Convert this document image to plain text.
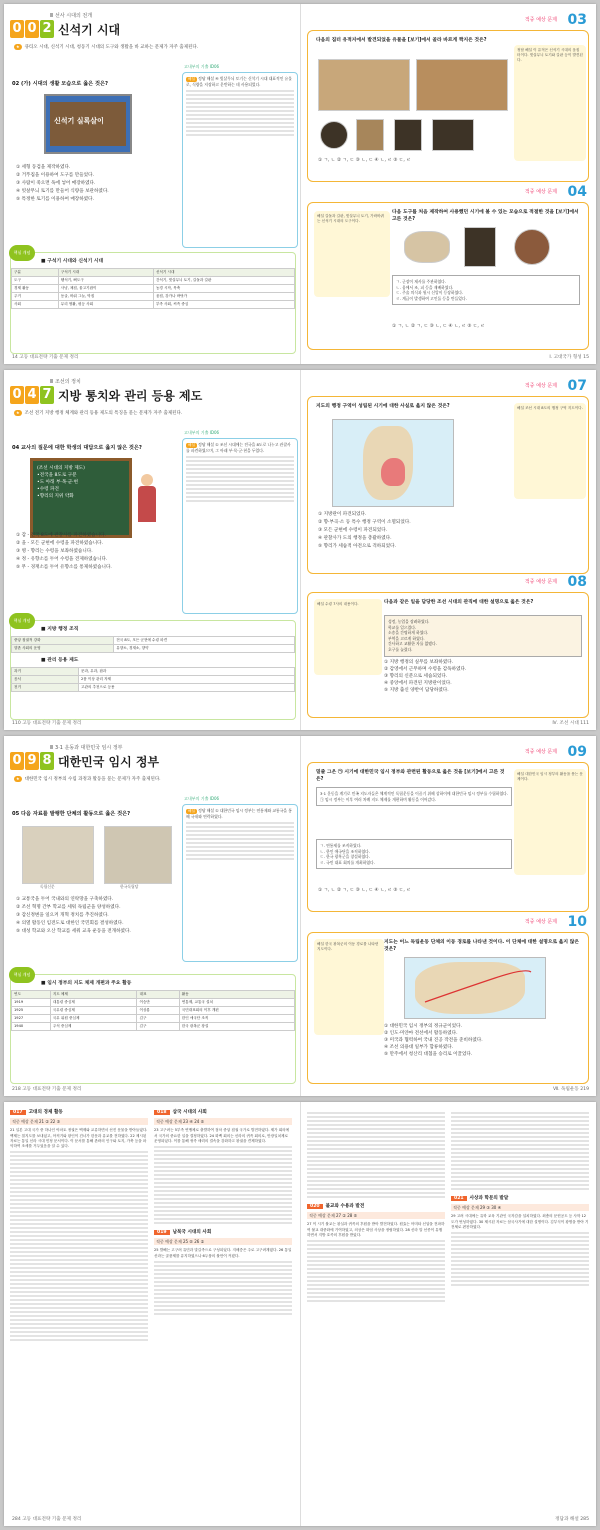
Ⅲ 선사 시대의 전개
0 0 2 신석기 시대
★ 큐티오 시대, 신석기 시대, 청동기 시대의 도구와 생활을 바 교하는 문제가 자주 출제된다.
고내부의 기출 ID06
02 (가) 시대의 생활 모습으로 옳은 것은?
신석기 실록살이
① 세형 동검을 제작하였다.
② 거푸집을 이용하여 도구를 만들었다.
③ 사람이 죽으면 독에 넣어 매장하였다.
④ 빗살무늬 토기를 만들어 식량을 보관하였다.
⑤ 특정한 토기를 이용하여 매장하였다.
해설 정답 해설 ④ 빗살무늬 토기는 신석기 시대 대표적인 유물로, 식량을 저장하고 운반하는 데 사용되었다.
핵심 개념
■ 구석기 시대와 신석기 시대
구분	구석기 시대	신석기 시대
도구	뗀석기, 뼈도구	간석기, 빗살무늬 토기, 갈돌과 갈판
경제 활동	사냥, 채집, 물고기잡이	농경 시작, 목축
주거	동굴, 바위 그늘, 막집	움집, 강가나 바닷가
사회	무리 생활, 평등 사회	부족 사회, 씨족 중심
14 고등 대표전략 기출 문제 정리
적중 예상 문제 03
다음의 집터 유적지에서 발견되었을 유물을 [보기]에서 골라 바르게 짝지은 것은?
① ㄱ, ㄴ ② ㄱ, ㄷ ③ ㄴ, ㄷ ④ ㄴ, ㄹ ⑤ ㄷ, ㄹ
정답 해설 이 유적은 신석기 시대의 움집 터이다. 빗살무늬 토기와 갈판 등이 발견된다.
적중 예상 문제 04
해설 갈돌과 갈판, 빗살무늬 토기, 가락바퀴는 신석기 시대의 도구이다.
다음 도구를 처음 제작하여 사용했던 시기에 볼 수 있는 모습으로 적절한 것을 [보기]에서 고른 것은?
ㄱ. 군장이 제사를 주관하였다.
ㄴ. 움에서 조, 피 등을 재배하였다.
ㄷ. 주술 의식과 원시 신앙이 등장하였다.
ㄹ. 계급이 발생하여 고인돌 등을 만들었다.
① ㄱ, ㄴ ② ㄱ, ㄷ ③ ㄴ, ㄷ ④ ㄴ, ㄹ ⑤ ㄷ, ㄹ
Ⅰ. 고대국가 형성 15
Ⅲ 조선의 정치
0 4 7 지방 통치와 관리 등용 제도
★ 조선 전기 지방 행정 체계와 관리 등용 제도의 특징을 묻는 문제가 자주 출제된다.
고내부의 기출 ID06
04 교사의 질문에 대한 학생의 대답으로 옳지 않은 것은?
(조선 시대의 지방 제도)
•전국을 8도로 구분
•도 아래 부·목·군·현
•수령 파견
•향리의 지위 약화
① 갑 - 전국 8도에 관찰사를 파견하였습니다.
② 을 - 모든 군현에 수령을 파견하였습니다.
③ 병 - 향리는 수령을 보좌하였습니다.
④ 정 - 유향소를 두어 수령을 견제하였습니다.
⑤ 무 - 경재소를 두어 유향소를 통제하였습니다.
해설 정답 해설 ① 조선 시대에는 전국을 8도로 나누고 관찰사를 파견하였으며, 그 아래 부·목·군·현을 두었다.
핵심 개념
■ 지방 행정 조직
중앙 집권적 강화	전국 8도, 모든 군현에 수령 파견
향촌 사회의 운영	유향소, 경재소, 향약
■ 관리 등용 제도
과거	문과, 무과, 잡과
음서	2품 이상 관리 자제
천거	고관의 추천으로 등용
110 고등 대표전략 기출 문제 정리
적중 예상 문제 07
지도의 행정 구역이 성립된 시기에 대한 사실로 옳지 않은 것은?	해설 조선 시대 8도의 행정 구역 지도이다.
① 지방관이 파견되었다.
② 향·부곡·소 등 특수 행정 구역이 소멸되었다.
③ 모든 군현에 수령이 파견되었다.
④ 관찰사가 도의 행정을 총괄하였다.
⑤ 향리가 세습적 아전으로 격하되었다.
적중 예상 문제 08
해설 수령 7사의 내용이다.	다음과 같은 일을 담당한 조선 시대의 관직에 대한 설명으로 옳은 것은?
성정, 농업을 장려하였다.
학교를 일으켰다.
소송을 간명하게 하였다.
부역을 고르게 하였다.
간사하고 교활한 자를 없앴다.
호구를 늘렸다.
① 지방 행정의 실무를 보좌하였다.
② 감영에서 근무하며 수령을 감독하였다.
③ 향리의 신분으로 세습되었다.
④ 중앙에서 파견된 지방관이었다.
⑤ 지방 출신 양반이 담당하였다.
Ⅳ. 조선 시대 111
Ⅲ 3·1 운동과 대한민국 임시 정부
0 9 8 대한민국 임시 정부
★ 대한민국 임시 정부의 수립 과정과 활동을 묻는 문제가 자주 출제된다.
고내부의 기출 ID06
05 다음 자료를 발행한 단체의 활동으로 옳은 것은?
독립신문	한국독립당
① 교통국을 두어 국내와의 연락망을 구축하였다.
② 조선 혁명 간부 학교를 세워 독립군을 양성하였다.
③ 갑신정변을 일으켜 개혁 정치를 추진하였다.
④ 의열 활동인 임전도로 대한인 국민회를 결성하였다.
⑤ 대성 학교와 오산 학교를 세워 교육 운동을 전개하였다.
해설 정답 해설 ① 대한민국 임시 정부는 연통제와 교통국을 통해 국내와 연락하였다.
핵심 개념
■ 임시 정부의 지도 체제 개편과 주요 활동
연도	지도 체제	대표	활동
1919	대통령 중심제	이승만	연통제, 교통국 설치
1925	국무령 중심제	이상룡	국민대표회의 이후 개편
1927	국무 위원 중심제	김구	한인 애국단 조직
1940	주석 중심제	김구	한국 광복군 창설
218 고등 대표전략 기출 문제 정리
적중 예상 문제 09
밑줄 그은 ㉠ 시기에 대한민국 임시 정부와 관련된 활동으로 옳은 것을 [보기]에서 고른 것은?
3·1 운동을 계기로 민족 지도자들은 체계적인 독립운동을 이끌기 위해 상하이에 대한민국 임시 정부를 수립하였다. ㉠ 임시 정부는 이후 여러 차례 지도 체제를 개편하며 활동을 이어갔다.
ㄱ. 연통제를 조직하였다.
ㄴ. 한인 애국단을 조직하였다.
ㄷ. 한국 광복군을 창설하였다.
ㄹ. 국민 대표 회의를 개최하였다.
① ㄱ, ㄴ ② ㄱ, ㄷ ③ ㄴ, ㄷ ④ ㄴ, ㄹ ⑤ ㄷ, ㄹ
해설 대한민국 임시 정부의 활동을 묻는 문제이다.
적중 예상 문제 10
해설 한국 광복군의 이동 경로를 나타낸 지도이다.
지도는 어느 독립운동 단체의 이동 경로를 나타낸 것이다. 이 단체에 대한 설명으로 옳지 않은 것은?
① 대한민국 임시 정부의 정규군이었다.
② 인도·미얀마 전선에서 활동하였다.
③ 미국과 협력하여 국내 진공 작전을 준비하였다.
④ 조선 의용대 일부가 합류하였다.
⑤ 만주에서 청산리 대첩을 승리로 이끌었다.
Ⅶ. 독립운동 219
017	고대의 경제 활동
적중 예상 문제 21 ② 22 ③
21 일본 고대 국가 중 하나인 야마토 정권은 백제와 교류하면서 선진 문물을 받아들였다. 백제는 칠지도를 보내었고, 아직기와 왕인이 건너가 한문과 유교를 전하였다. 22 제시된 자료는 통일 신라 시대 민정 문서이다. 이 문서를 통해 촌락의 인구와 토지, 가축 등을 파악하여 조세를 거두었음을 알 수 있다.
018	삼국 시대의 사회
적중 예상 문제 23 ④ 24 ⑤
23 고구려는 5부족 연맹체로 출발하여 점차 중앙 집권 국가로 발전하였다. 제가 회의에서 국가의 중요한 일을 결정하였다. 24 화백 회의는 신라의 귀족 회의로, 만장일치제로 운영되었다. 이를 통해 귀족 세력의 결속을 강화하고 왕권을 견제하였다.
019	남북국 시대의 사회
적중 예상 문제 25 ⑤ 26 ②
25 발해는 고구려 유민과 말갈족으로 구성되었다. 지배층은 주로 고구려계였다. 26 통일 신라는 골품제를 유지하였으나 6두품의 불만이 커졌다.
284 고등 대표전략 기출 문제 정리
020	불교와 수용과 발전
적중 예상 문제 27 ② 28 ⑤
27 이 시기 불교는 왕실과 귀족의 후원을 받아 발전하였다. 원효는 아미타 신앙을 전파하여 불교 대중화에 기여하였고, 의상은 화엄 사상을 정립하였다. 28 신라 말 선종이 유행하면서 지방 호족의 후원을 받았다.
021	사상과 학문의 발달
적중 예상 문제 29 ③ 30 ④
29 고려 시대에는 유학 교육 기관인 국자감을 설치하였다. 최충의 문헌공도 등 사학 12도가 번성하였다. 30 제시된 자료는 삼국사기에 대한 설명이다. 김부식이 왕명을 받아 기전체로 편찬하였다.
정답과 해설 285
